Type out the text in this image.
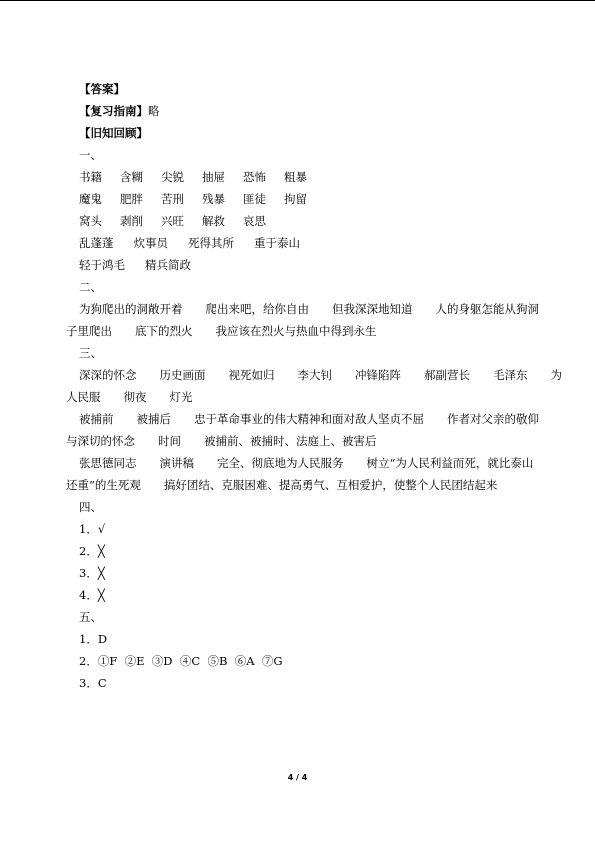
【答案】
【复习指南】略
【旧知回顾】
一、
书籍 含糊 尖锐 抽屉 恐怖 粗暴
魔鬼 肥胖 苦刑 残暴 匪徒 拘留
窝头 剥削 兴旺 解救 哀思
乱蓬蓬 炊事员 死得其所 重于泰山
轻于鸿毛 精兵简政
二、
为狗爬出的洞敞开着　　爬出来吧，给你自由　　但我深深地知道　　人的身躯怎能从狗洞
子里爬出　　底下的烈火　　我应该在烈火与热血中得到永生
三、
深深的怀念　　历史画面　　视死如归　　李大钊　　冲锋陷阵　　郝副营长　　毛泽东　　为
人民服　　彻夜　　灯光
被捕前　　被捕后　　忠于革命事业的伟大精神和面对敌人坚贞不屈　　作者对父亲的敬仰
与深切的怀念　　时间　　被捕前、被捕时、法庭上、被害后
张思德同志　　演讲稿　　完全、彻底地为人民服务　　树立“为人民利益而死，就比泰山
还重”的生死观　　搞好团结、克服困难、提高勇气、互相爱护，使整个人民团结起来
四、
1．√
2．╳
3．╳
4．╳
五、
1．D
2．①F  ②E  ③D  ④C  ⑤B  ⑥A  ⑦G
3．C
4 / 4
